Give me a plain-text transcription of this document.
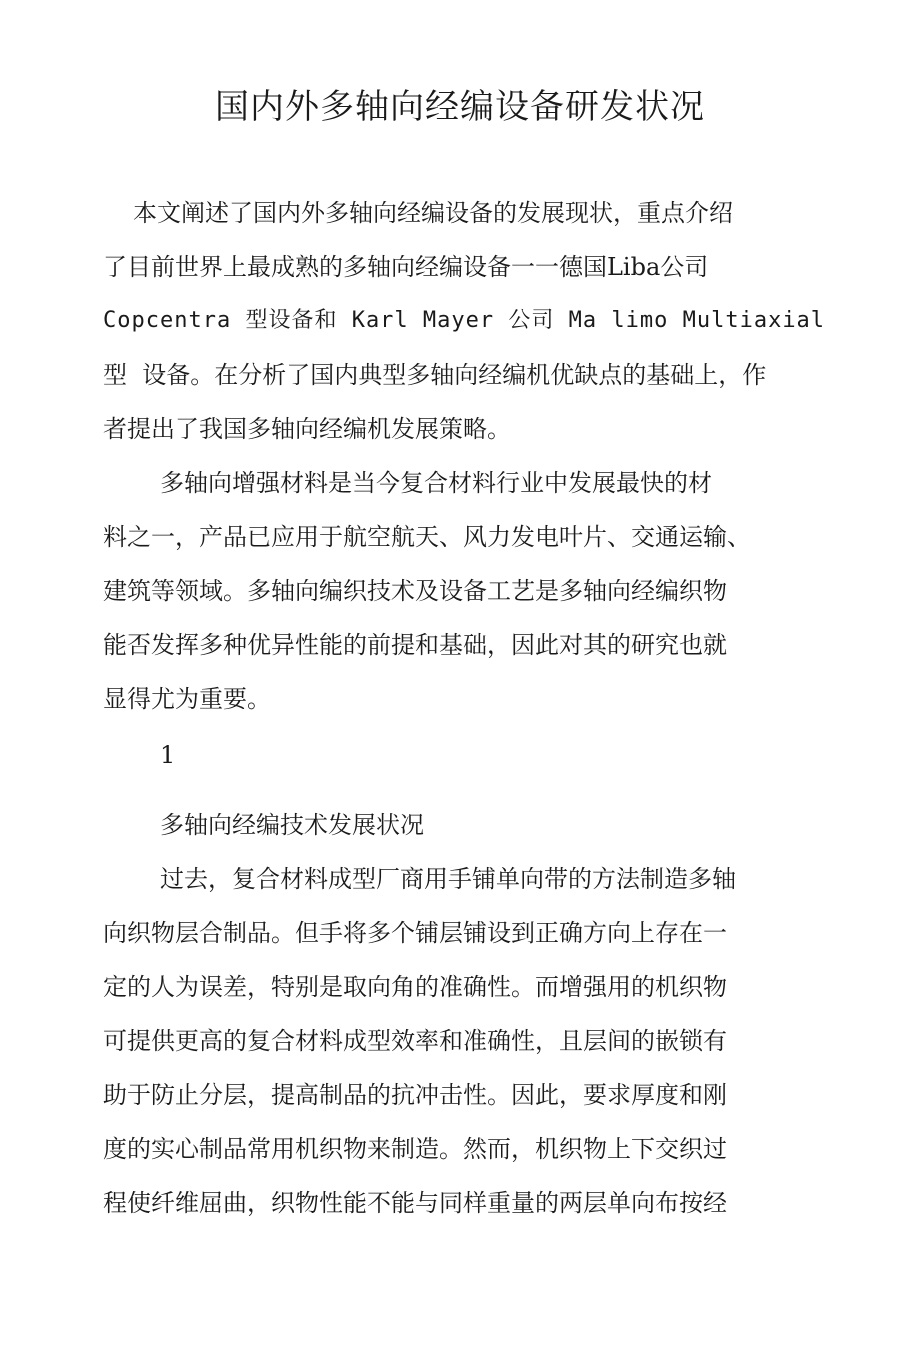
国内外多轴向经编设备研发状况

本文阐述了国内外多轴向经编设备的发展现状，重点介绍

了目前世界上最成熟的多轴向经编设备一一德国Liba公司

Copcentra 型设备和 Karl Mayer 公司 Ma limo Multiaxial

型  设备。在分析了国内典型多轴向经编机优缺点的基础上，作

者提出了我国多轴向经编机发展策略。

多轴向增强材料是当今复合材料行业中发展最快的材

料之一，产品已应用于航空航天、风力发电叶片、交通运输、

建筑等领域。多轴向编织技术及设备工艺是多轴向经编织物

能否发挥多种优异性能的前提和基础，因此对其的研究也就

显得尤为重要。

1

多轴向经编技术发展状况

过去，复合材料成型厂商用手铺单向带的方法制造多轴

向织物层合制品。但手将多个铺层铺设到正确方向上存在一

定的人为误差，特别是取向角的准确性。而增强用的机织物

可提供更高的复合材料成型效率和准确性，且层间的嵌锁有

助于防止分层，提高制品的抗冲击性。因此，要求厚度和刚

度的实心制品常用机织物来制造。然而，机织物上下交织过

程使纤维屈曲，织物性能不能与同样重量的两层单向布按经
